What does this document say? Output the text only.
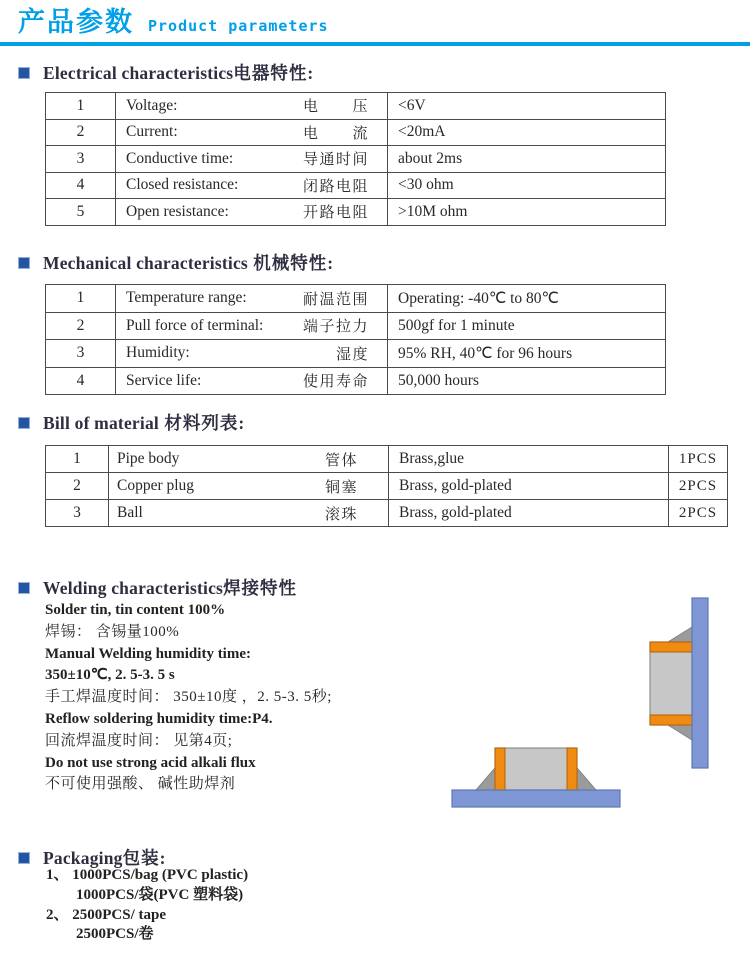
产品参数 Product parameters
Electrical characteristics电器特性:
1	Voltage: 电　　压	<6V
2	Current: 电　　流	<20mA
3	Conductive time: 导通时间	about 2ms
4	Closed resistance: 闭路电阻	<30 ohm
5	Open resistance: 开路电阻	>10M ohm
Mechanical characteristics 机械特性:
1	Temperature range: 耐温范围	Operating: -40℃ to 80℃
2	Pull force of terminal: 端子拉力	500gf for 1 minute
3	Humidity: 湿度	95% RH, 40℃ for 96 hours
4	Service life: 使用寿命	50,000 hours
Bill of material 材料列表:
1	Pipe body 管体	Brass,glue	1PCS
2	Copper plug 铜塞	Brass, gold-plated	2PCS
3	Ball 滚珠	Brass, gold-plated	2PCS
Welding characteristics焊接特性
Solder tin, tin content 100%
焊锡： 含锡量100%
Manual Welding humidity time:
350±10℃, 2. 5-3. 5 s
手工焊温度时间： 350±10度 ，2. 5-3. 5秒;
Reflow soldering humidity time:P4.
回流焊温度时间： 见第4页;
Do not use strong acid alkali flux
不可使用强酸、 碱性助焊剂
Packaging包装:
1、 1000PCS/bag (PVC plastic)
1000PCS/袋(PVC 塑料袋)
2、 2500PCS/ tape
2500PCS/卷
